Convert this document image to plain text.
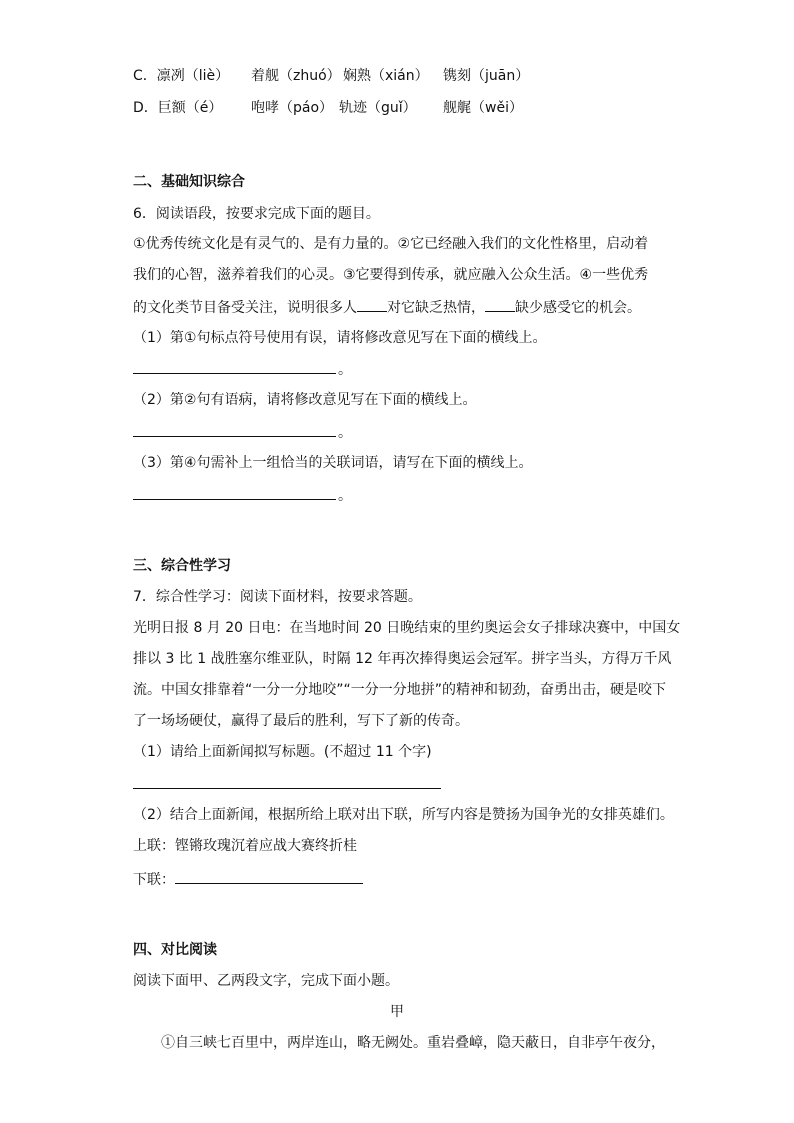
C．凛冽（liè） 着舰（zhuó） 娴熟（xián） 镌刻（juān）
D．巨额（é） 咆哮（páo） 轨迹（guǐ） 舰艉（wěi）
二、基础知识综合
6．阅读语段，按要求完成下面的题目。
①优秀传统文化是有灵气的、是有力量的。②它已经融入我们的文化性格里，启动着
我们的心智，滋养着我们的心灵。③它要得到传承，就应融入公众生活。④一些优秀
的文化类节目备受关注，说明很多人 对它缺乏热情， 缺少感受它的机会。
（1）第①句标点符号使用有误，请将修改意见写在下面的横线上。
。
（2）第②句有语病，请将修改意见写在下面的横线上。
。
（3）第④句需补上一组恰当的关联词语，请写在下面的横线上。
。
三、综合性学习
7．综合性学习：阅读下面材料，按要求答题。
光明日报 8 月 20 日电：在当地时间 20 日晚结束的里约奥运会女子排球决赛中，中国女
排以 3 比 1 战胜塞尔维亚队，时隔 12 年再次捧得奥运会冠军。拼字当头，方得万千风
流。中国女排靠着“一分一分地咬”“一分一分地拼”的精神和韧劲，奋勇出击，硬是咬下
了一场场硬仗，赢得了最后的胜利，写下了新的传奇。
（1）请给上面新闻拟写标题。(不超过 11 个字)
（2）结合上面新闻，根据所给上联对出下联，所写内容是赞扬为国争光的女排英雄们。
上联：铿锵玫瑰沉着应战大赛终折桂
下联：
四、对比阅读
阅读下面甲、乙两段文字，完成下面小题。
甲
①自三峡七百里中，两岸连山，略无阙处。重岩叠嶂，隐天蔽日，自非亭午夜分，
